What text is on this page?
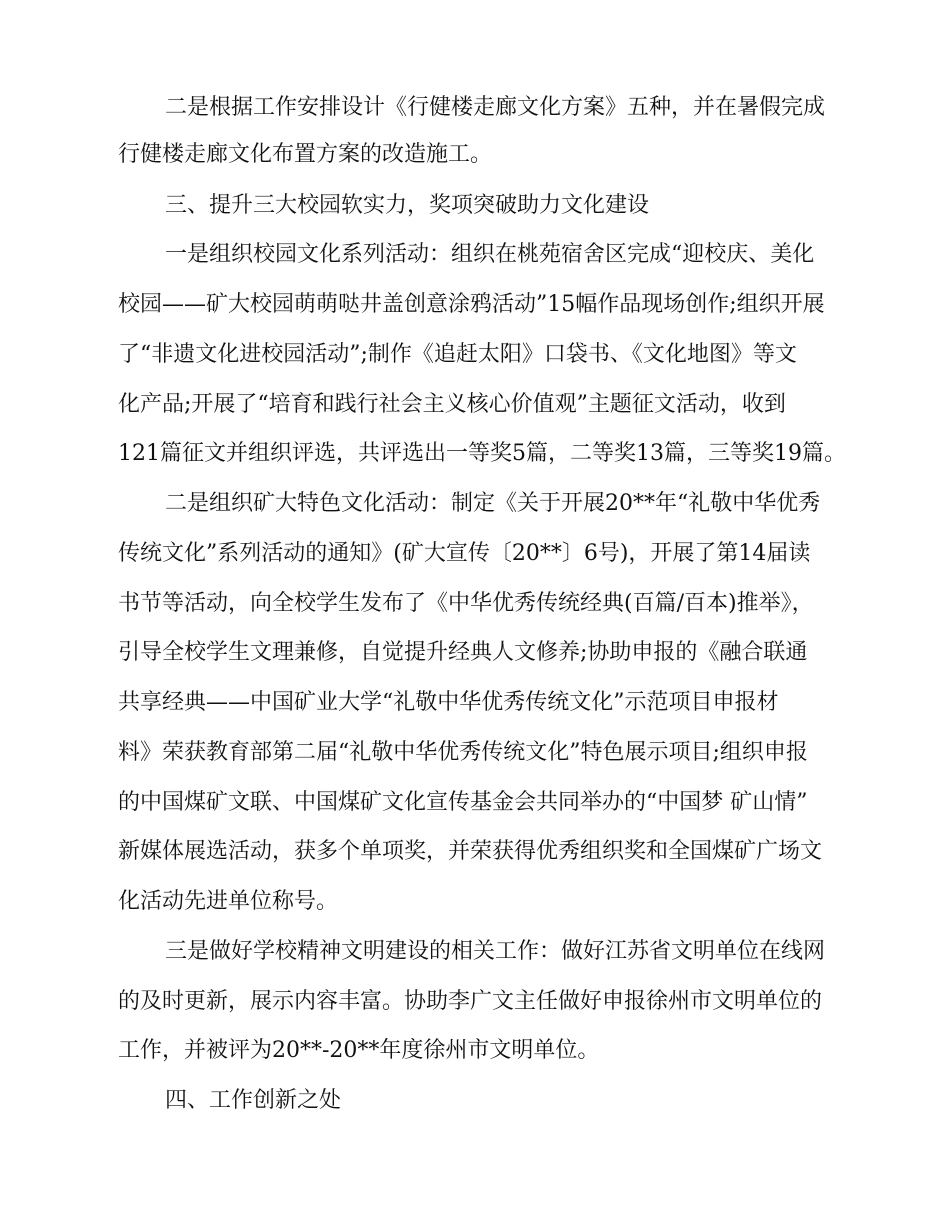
二是根据工作安排设计《行健楼走廊文化方案》五种，并在暑假完成
行健楼走廊文化布置方案的改造施工。
三、提升三大校园软实力，奖项突破助力文化建设
一是组织校园文化系列活动：组织在桃苑宿舍区完成“迎校庆、美化
校园——矿大校园萌萌哒井盖创意涂鸦活动”15幅作品现场创作;组织开展
了“非遗文化进校园活动”;制作《追赶太阳》口袋书、《文化地图》等文
化产品;开展了“培育和践行社会主义核心价值观”主题征文活动，收到
121篇征文并组织评选，共评选出一等奖5篇，二等奖13篇，三等奖19篇。
二是组织矿大特色文化活动：制定《关于开展20**年“礼敬中华优秀
传统文化”系列活动的通知》(矿大宣传〔20**〕6号)，开展了第14届读
书节等活动，向全校学生发布了《中华优秀传统经典(百篇/百本)推举》，
引导全校学生文理兼修，自觉提升经典人文修养;协助申报的《融合联通
共享经典——中国矿业大学“礼敬中华优秀传统文化”示范项目申报材
料》荣获教育部第二届“礼敬中华优秀传统文化”特色展示项目;组织申报
的中国煤矿文联、中国煤矿文化宣传基金会共同举办的“中国梦 矿山情”
新媒体展选活动，获多个单项奖，并荣获得优秀组织奖和全国煤矿广场文
化活动先进单位称号。
三是做好学校精神文明建设的相关工作：做好江苏省文明单位在线网
的及时更新，展示内容丰富。协助李广文主任做好申报徐州市文明单位的
工作，并被评为20**-20**年度徐州市文明单位。
四、工作创新之处
